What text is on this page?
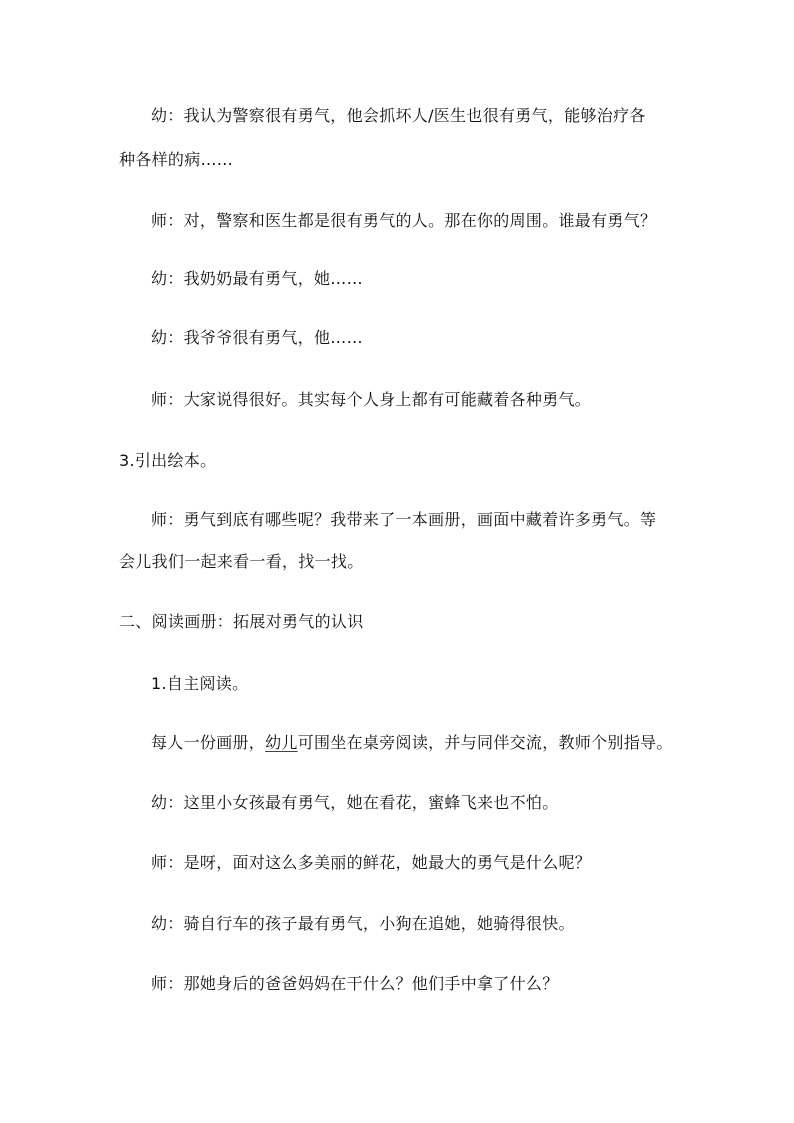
幼：我认为警察很有勇气，他会抓坏人/医生也很有勇气，能够治疗各
种各样的病……
师：对，警察和医生都是很有勇气的人。那在你的周围。谁最有勇气？
幼：我奶奶最有勇气，她……
幼：我爷爷很有勇气，他……
师：大家说得很好。其实每个人身上都有可能藏着各种勇气。
3.引出绘本。
师：勇气到底有哪些呢？我带来了一本画册，画面中藏着许多勇气。等
会儿我们一起来看一看，找一找。
二、阅读画册：拓展对勇气的认识
1.自主阅读。
每人一份画册，幼儿可围坐在桌旁阅读，并与同伴交流，教师个别指导。
幼：这里小女孩最有勇气，她在看花，蜜蜂飞来也不怕。
师：是呀，面对这么多美丽的鲜花，她最大的勇气是什么呢？
幼：骑自行车的孩子最有勇气，小狗在追她，她骑得很快。
师：那她身后的爸爸妈妈在干什么？他们手中拿了什么？
